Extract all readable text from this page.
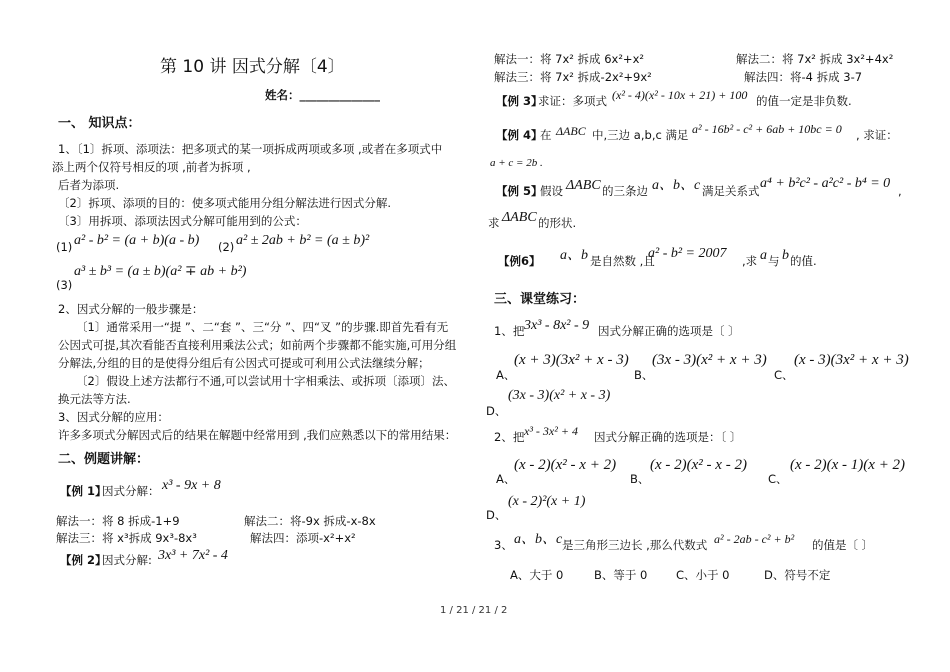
第 10 讲 因式分解〔4〕
姓名：______________
一、 知识点：
1、〔1〕拆项、添项法：把多项式的某一项拆成两项或多项 ,或者在多项式中
添上两个仅符号相反的项 ,前者为拆项 ,
后者为添项.
〔2〕拆项、添项的目的：使多项式能用分组分解法进行因式分解.
〔3〕用拆项、添项法因式分解可能用到的公式：
(1) a² - b² = (a + b)(a - b) (2) a² ± 2ab + b² = (a ± b)²
a³ ± b³ = (a ± b)(a² ∓ ab + b²)
(3)
2、因式分解的一般步骤是：
〔1〕通常采用一“提 ”、二“套 ”、三“分 ”、四“叉 ”的步骤.即首先看有无
公因式可提,其次看能否直接利用乘法公式；如前两个步骤都不能实施,可用分组
分解法,分组的目的是使得分组后有公因式可提或可利用公式法继续分解；
〔2〕假设上述方法都行不通,可以尝试用十字相乘法、或拆项〔添项〕法、
换元法等方法.
3、因式分解的应用：
许多多项式分解因式后的结果在解题中经常用到 ,我们应熟悉以下的常用结果：
二、例题讲解：
【例 1】
因式分解： x³ - 9x + 8
解法一：将 8 拆成-1+9	解法二：将-9x 拆成-x-8x
解法三：将 x³拆成 9x³-8x³	解法四：添项-x²+x²
【例 2】
因式分解: 3x³ + 7x² - 4
解法一：将 7x² 拆成 6x²+x²	解法二：将 7x² 拆成 3x²+4x²
解法三：将 7x² 拆成-2x²+9x²	解法四：将-4 拆成 3-7
【例 3】
求证：多项式 (x² - 4)(x² - 10x + 21) + 100 的值一定是非负数.
【例 4】
在 ΔABC 中,三边 a,b,c 满足 a² - 16b² - c² + 6ab + 10bc = 0 , 求证：
a + c = 2b .
【例 5】
假设 ΔABC 的三条边 a、b、c 满足关系式 a⁴ + b²c² - a²c² - b⁴ = 0 ,
求 ΔABC 的形状.
【例6】 a、b 是自然数 ,且
a² - b² = 2007 ,求 a 与 b 的值.
三、课堂练习：
1、把 3x³ - 8x² - 9 因式分解正确的选项是〔 〕
A、
(x + 3)(3x² + x - 3)
B、
(3x - 3)(x² + x + 3)
C、
(x - 3)(3x² + x + 3)
D、
(3x - 3)(x² + x - 3)
2、把 x³ - 3x² + 4 因式分解正确的选项是：〔 〕
A、
(x - 2)(x² - x + 2)
B、
(x - 2)(x² - x - 2)
C、
(x - 2)(x - 1)(x + 2)
D、
(x - 2)²(x + 1)
3、 a、b、c 是三角形三边长 ,那么代数式 a² - 2ab - c² + b² 的值是〔 〕
A、大于 0	B、等于 0 C、小于 0	D、符号不定
1 / 21 / 21 / 2
